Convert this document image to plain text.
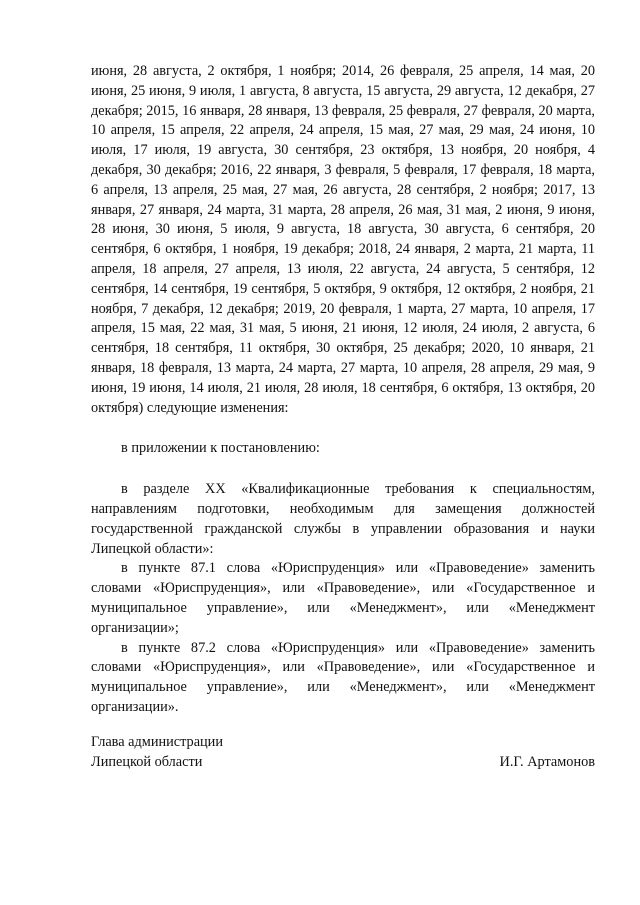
июня, 28 августа, 2 октября, 1 ноября; 2014, 26 февраля, 25 апреля, 14 мая, 20 июня, 25 июня, 9 июля, 1 августа, 8 августа, 15 августа, 29 августа, 12 декабря, 27 декабря; 2015, 16 января, 28 января, 13 февраля, 25 февраля, 27 февраля, 20 марта, 10 апреля, 15 апреля, 22 апреля, 24 апреля, 15 мая, 27 мая, 29 мая, 24 июня, 10 июля, 17 июля, 19 августа, 30 сентября, 23 октября, 13 ноября, 20 ноября, 4 декабря, 30 декабря; 2016, 22 января, 3 февраля, 5 февраля, 17 февраля, 18 марта, 6 апреля, 13 апреля, 25 мая, 27 мая, 26 августа, 28 сентября, 2 ноября; 2017, 13 января, 27 января, 24 марта, 31 марта, 28 апреля, 26 мая, 31 мая, 2 июня, 9 июня, 28 июня, 30 июня, 5 июля, 9 августа, 18 августа, 30 августа, 6 сентября, 20 сентября, 6 октября, 1 ноября, 19 декабря; 2018, 24 января, 2 марта, 21 марта, 11 апреля, 18 апреля, 27 апреля, 13 июля, 22 августа, 24 августа, 5 сентября, 12 сентября, 14 сентября, 19 сентября, 5 октября, 9 октября, 12 октября, 2 ноября, 21 ноября, 7 декабря, 12 декабря; 2019, 20 февраля, 1 марта, 27 марта, 10 апреля, 17 апреля, 15 мая, 22 мая, 31 мая, 5 июня, 21 июня, 12 июля, 24 июля, 2 августа, 6 сентября, 18 сентября, 11 октября, 30 октября, 25 декабря; 2020, 10 января, 21 января, 18 февраля, 13 марта, 24 марта, 27 марта, 10 апреля, 28 апреля, 29 мая, 9 июня, 19 июня, 14 июля, 21 июля, 28 июля, 18 сентября, 6 октября, 13 октября, 20 октября) следующие изменения:

в приложении к постановлению:

в разделе XX «Квалификационные требования к специальностям, направлениям подготовки, необходимым для замещения должностей государственной гражданской службы в управлении образования и науки Липецкой области»:

в пункте 87.1 слова «Юриспруденция» или «Правоведение» заменить словами «Юриспруденция», или «Правоведение», или «Государственное и муниципальное управление», или «Менеджмент», или «Менеджмент организации»;

в пункте 87.2 слова «Юриспруденция» или «Правоведение» заменить словами «Юриспруденция», или «Правоведение», или «Государственное и муниципальное управление», или «Менеджмент», или «Менеджмент организации».

Глава администрации
Липецкой области	И.Г. Артамонов
